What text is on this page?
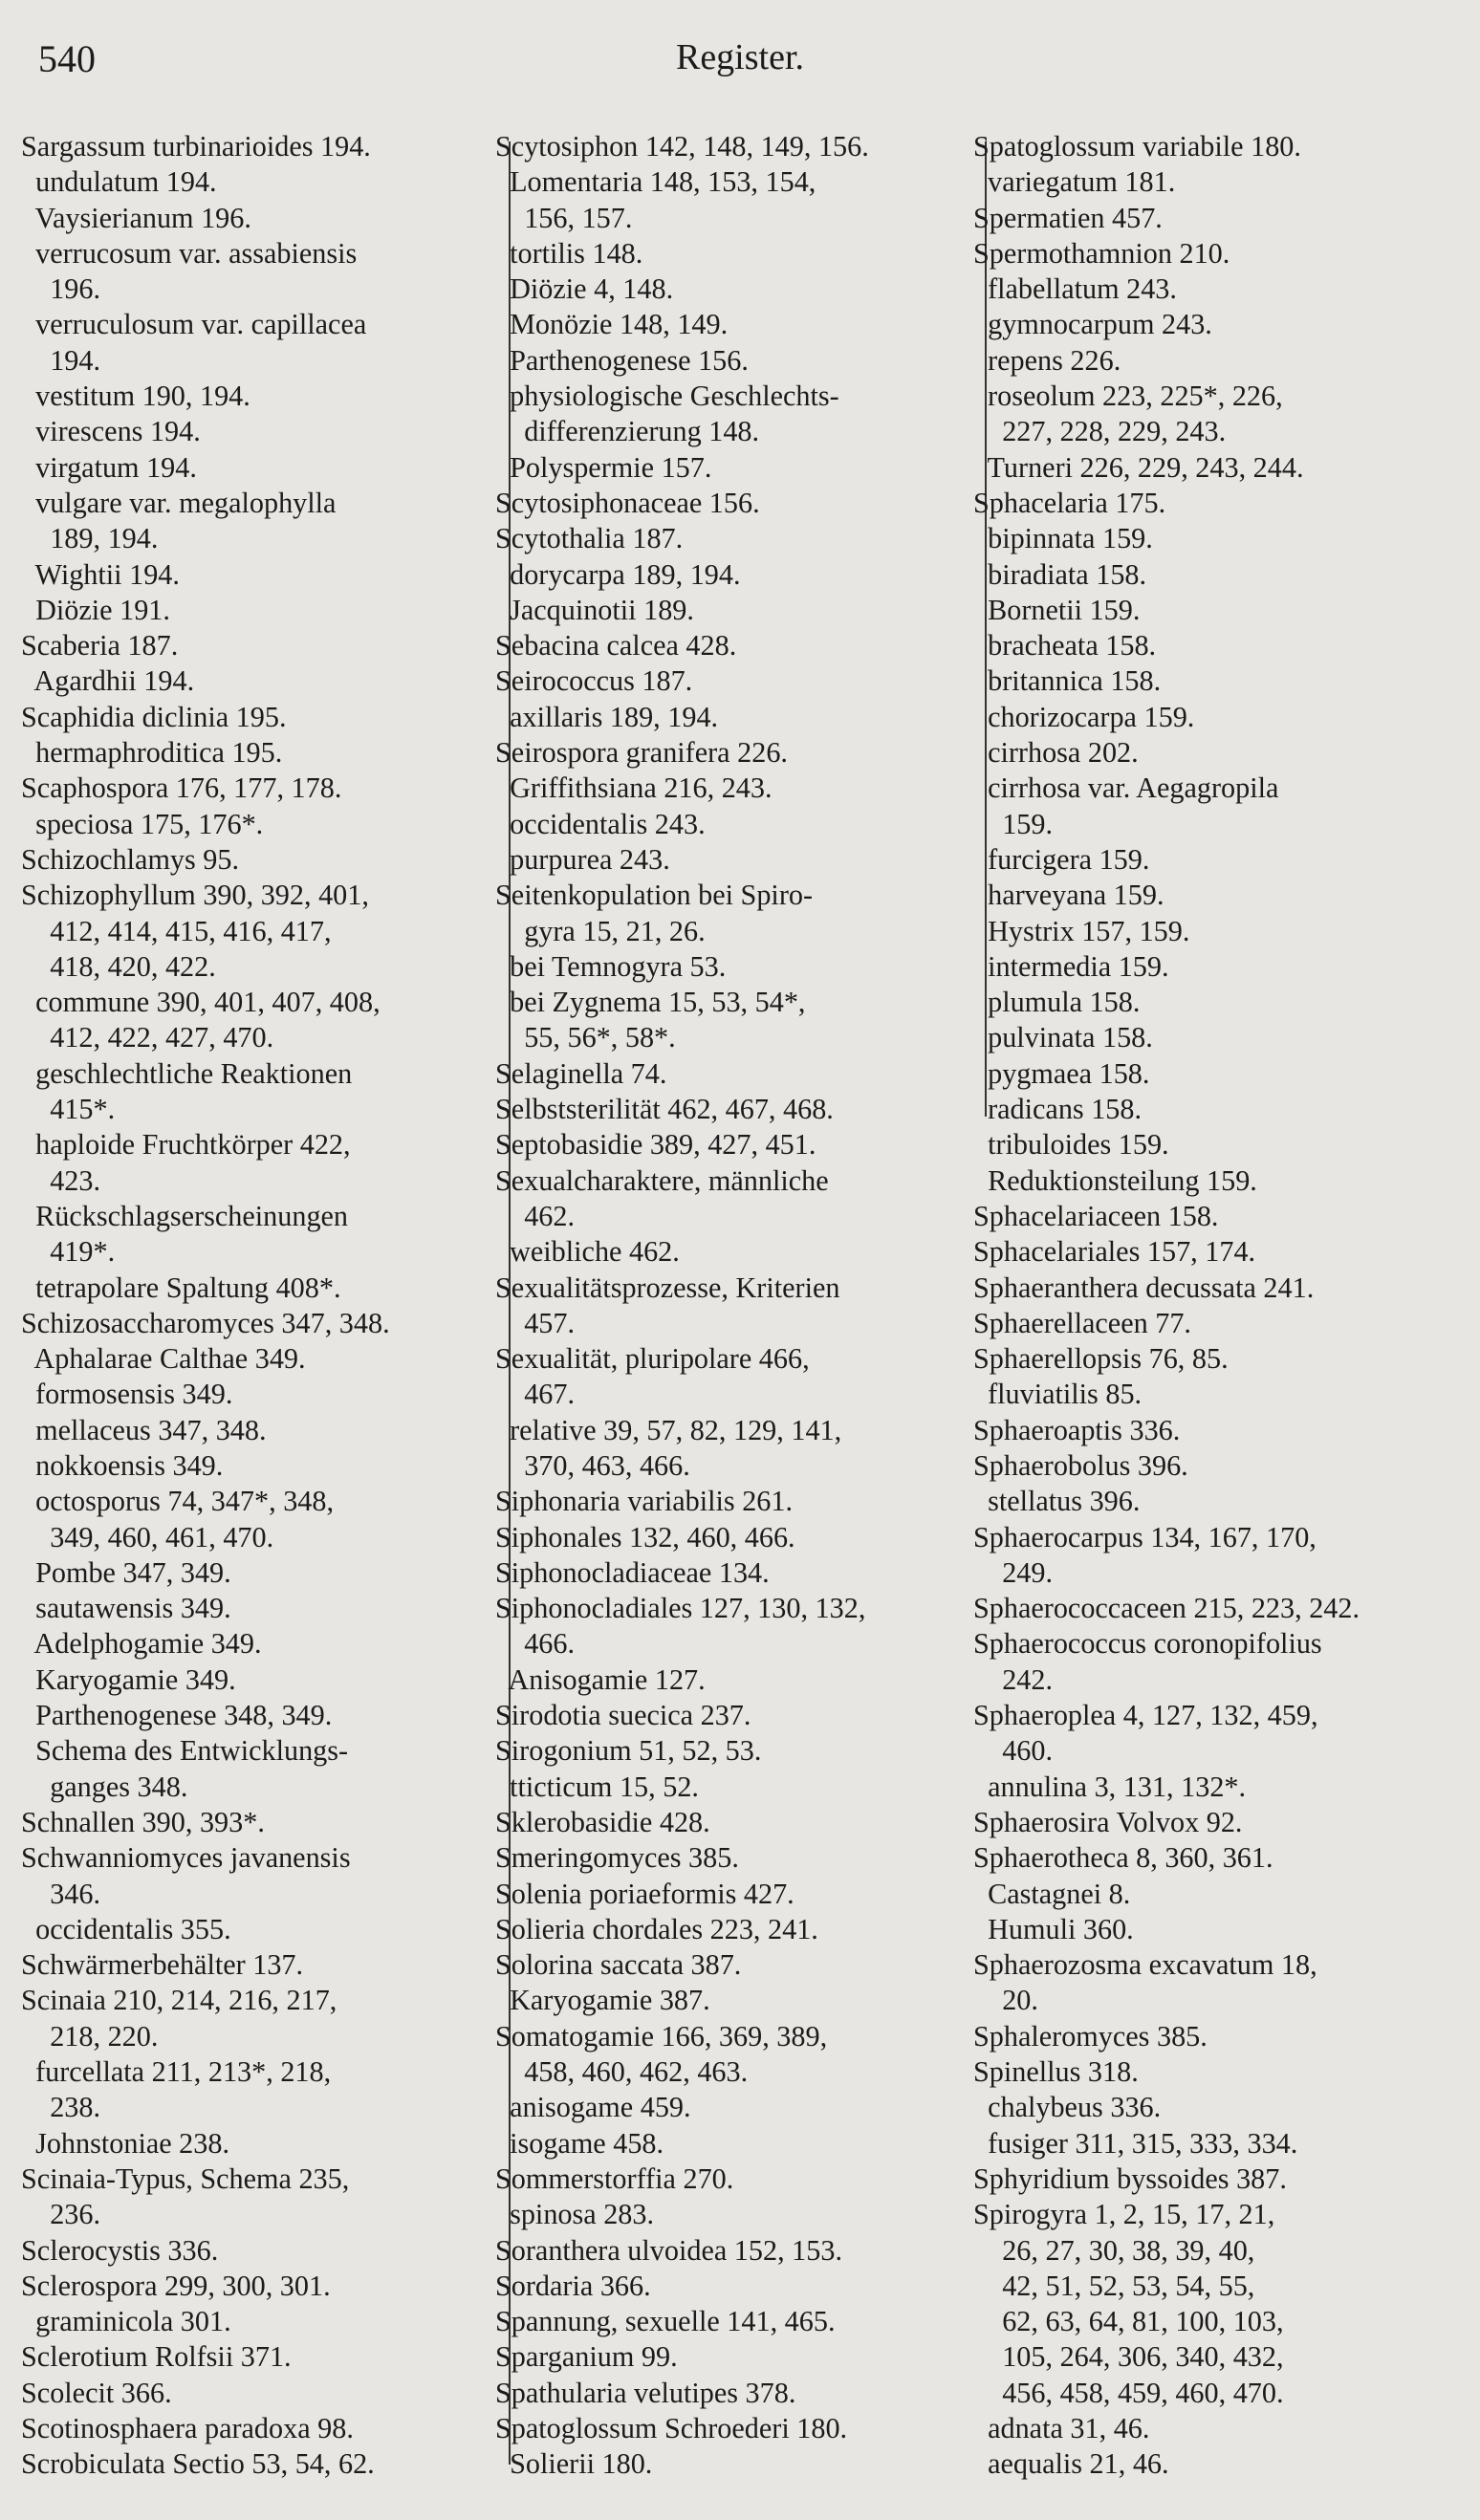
540	Register.
Sargassum turbinarioides 194.
undulatum 194.
Vaysierianum 196.
verrucosum var. assabiensis
196.
verruculosum var. capillacea
194.
vestitum 190, 194.
virescens 194.
virgatum 194.
vulgare var. megalophylla
189, 194.
Wightii 194.
Diözie 191.
Scaberia 187.
Agardhii 194.
Scaphidia diclinia 195.
hermaphroditica 195.
Scaphospora 176, 177, 178.
speciosa 175, 176*.
Schizochlamys 95.
Schizophyllum 390, 392, 401,
412, 414, 415, 416, 417,
418, 420, 422.
commune 390, 401, 407, 408,
412, 422, 427, 470.
geschlechtliche Reaktionen
415*.
haploide Fruchtkörper 422,
423.
Rückschlagserscheinungen
419*.
tetrapolare Spaltung 408*.
Schizosaccharomyces 347, 348.
Aphalarae Calthae 349.
formosensis 349.
mellaceus 347, 348.
nokkoensis 349.
octosporus 74, 347*, 348,
349, 460, 461, 470.
Pombe 347, 349.
sautawensis 349.
Adelphogamie 349.
Karyogamie 349.
Parthenogenese 348, 349.
Schema des Entwicklungs-
ganges 348.
Schnallen 390, 393*.
Schwanniomyces javanensis
346.
occidentalis 355.
Schwärmerbehälter 137.
Scinaia 210, 214, 216, 217,
218, 220.
furcellata 211, 213*, 218,
238.
Johnstoniae 238.
Scinaia-Typus, Schema 235,
236.
Sclerocystis 336.
Sclerospora 299, 300, 301.
graminicola 301.
Sclerotium Rolfsii 371.
Scolecit 366.
Scotinosphaera paradoxa 98.
Scrobiculata Sectio 53, 54, 62.
Scytosiphon 142, 148, 149, 156.
Lomentaria 148, 153, 154,
156, 157.
tortilis 148.
Diözie 4, 148.
Monözie 148, 149.
Parthenogenese 156.
physiologische Geschlechts-
differenzierung 148.
Polyspermie 157.
Scytosiphonaceae 156.
Scytothalia 187.
dorycarpa 189, 194.
Jacquinotii 189.
Sebacina calcea 428.
Seirococcus 187.
axillaris 189, 194.
Seirospora granifera 226.
Griffithsiana 216, 243.
occidentalis 243.
purpurea 243.
Seitenkopulation bei Spiro-
gyra 15, 21, 26.
bei Temnogyra 53.
bei Zygnema 15, 53, 54*,
55, 56*, 58*.
Selaginella 74.
Selbststerilität 462, 467, 468.
Septobasidie 389, 427, 451.
Sexualcharaktere, männliche
462.
weibliche 462.
Sexualitätsprozesse, Kriterien
457.
Sexualität, pluripolare 466,
467.
relative 39, 57, 82, 129, 141,
370, 463, 466.
Siphonaria variabilis 261.
Siphonales 132, 460, 466.
Siphonocladiaceae 134.
Siphonocladiales 127, 130, 132,
466.
Anisogamie 127.
Sirodotia suecica 237.
Sirogonium 51, 52, 53.
tticticum 15, 52.
Sklerobasidie 428.
Smeringomyces 385.
Solenia poriaeformis 427.
Solieria chordales 223, 241.
Solorina saccata 387.
Karyogamie 387.
Somatogamie 166, 369, 389,
458, 460, 462, 463.
anisogame 459.
isogame 458.
Sommerstorffia 270.
spinosa 283.
Soranthera ulvoidea 152, 153.
Sordaria 366.
Spannung, sexuelle 141, 465.
Sparganium 99.
Spathularia velutipes 378.
Spatoglossum Schroederi 180.
Solierii 180.
Spatoglossum variabile 180.
variegatum 181.
Spermatien 457.
Spermothamnion 210.
flabellatum 243.
gymnocarpum 243.
repens 226.
roseolum 223, 225*, 226,
227, 228, 229, 243.
Turneri 226, 229, 243, 244.
Sphacelaria 175.
bipinnata 159.
biradiata 158.
Bornetii 159.
bracheata 158.
britannica 158.
chorizocarpa 159.
cirrhosa 202.
cirrhosa var. Aegagropila
159.
furcigera 159.
harveyana 159.
Hystrix 157, 159.
intermedia 159.
plumula 158.
pulvinata 158.
pygmaea 158.
radicans 158.
tribuloides 159.
Reduktionsteilung 159.
Sphacelariaceen 158.
Sphacelariales 157, 174.
Sphaeranthera decussata 241.
Sphaerellaceen 77.
Sphaerellopsis 76, 85.
fluviatilis 85.
Sphaeroaptis 336.
Sphaerobolus 396.
stellatus 396.
Sphaerocarpus 134, 167, 170,
249.
Sphaerococcaceen 215, 223, 242.
Sphaerococcus coronopifolius
242.
Sphaeroplea 4, 127, 132, 459,
460.
annulina 3, 131, 132*.
Sphaerosira Volvox 92.
Sphaerotheca 8, 360, 361.
Castagnei 8.
Humuli 360.
Sphaerozosma excavatum 18,
20.
Sphaleromyces 385.
Spinellus 318.
chalybeus 336.
fusiger 311, 315, 333, 334.
Sphyridium byssoides 387.
Spirogyra 1, 2, 15, 17, 21,
26, 27, 30, 38, 39, 40,
42, 51, 52, 53, 54, 55,
62, 63, 64, 81, 100, 103,
105, 264, 306, 340, 432,
456, 458, 459, 460, 470.
adnata 31, 46.
aequalis 21, 46.
